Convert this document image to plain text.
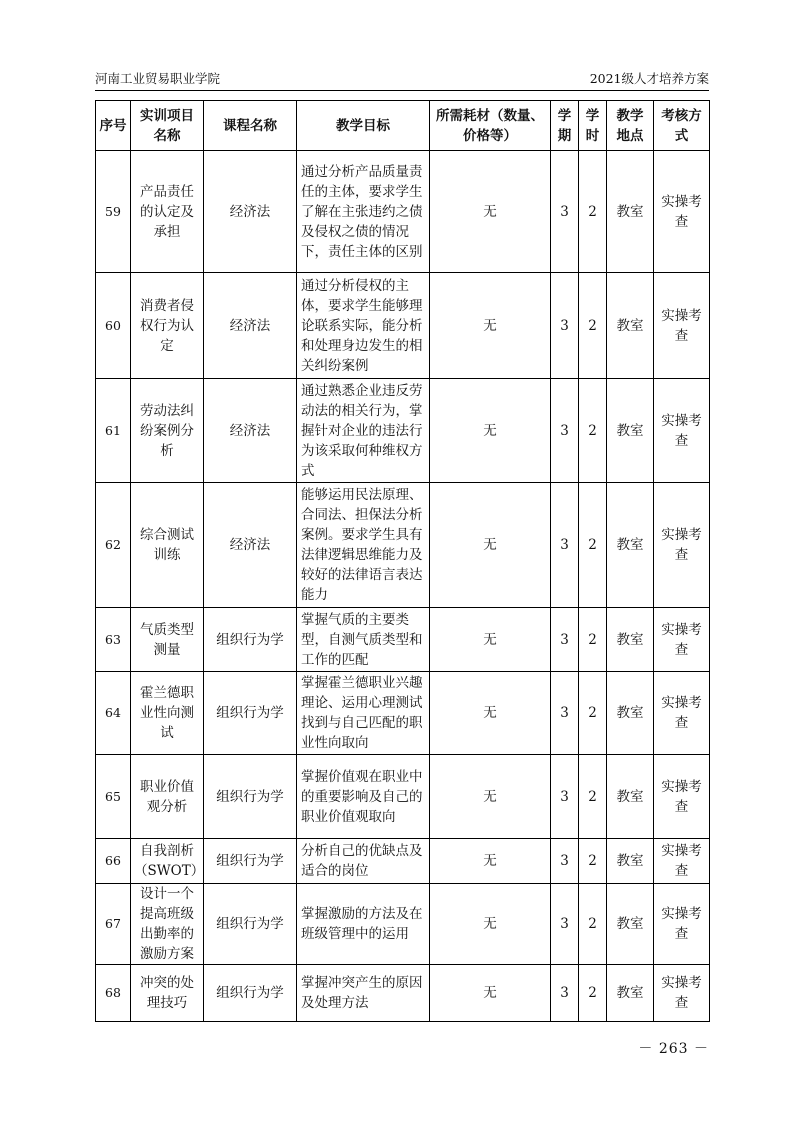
河南工业贸易职业学院	2021级人才培养方案
序号	实训项目名称	课程名称	教学目标	所需耗材（数量、价格等）	学期	学时	教学地点	考核方式
59	产品责任的认定及承担	经济法	通过分析产品质量责任的主体，要求学生了解在主张违约之债及侵权之债的情况下，责任主体的区别	无	3	2	教室	实操考查
60	消费者侵权行为认定	经济法	通过分析侵权的主体，要求学生能够理论联系实际，能分析和处理身边发生的相关纠纷案例	无	3	2	教室	实操考查
61	劳动法纠纷案例分析	经济法	通过熟悉企业违反劳动法的相关行为，掌握针对企业的违法行为该采取何种维权方式	无	3	2	教室	实操考查
62	综合测试训练	经济法	能够运用民法原理、合同法、担保法分析案例。要求学生具有法律逻辑思维能力及较好的法律语言表达能力	无	3	2	教室	实操考查
63	气质类型测量	组织行为学	掌握气质的主要类型，自测气质类型和工作的匹配	无	3	2	教室	实操考查
64	霍兰德职业性向测试	组织行为学	掌握霍兰德职业兴趣理论、运用心理测试找到与自己匹配的职业性向取向	无	3	2	教室	实操考查
65	职业价值观分析	组织行为学	掌握价值观在职业中的重要影响及自己的职业价值观取向	无	3	2	教室	实操考查
66	自我剖析（SWOT）	组织行为学	分析自己的优缺点及适合的岗位	无	3	2	教室	实操考查
67	设计一个提高班级出勤率的激励方案	组织行为学	掌握激励的方法及在班级管理中的运用	无	3	2	教室	实操考查
68	冲突的处理技巧	组织行为学	掌握冲突产生的原因及处理方法	无	3	2	教室	实操考查
－ 263 －
